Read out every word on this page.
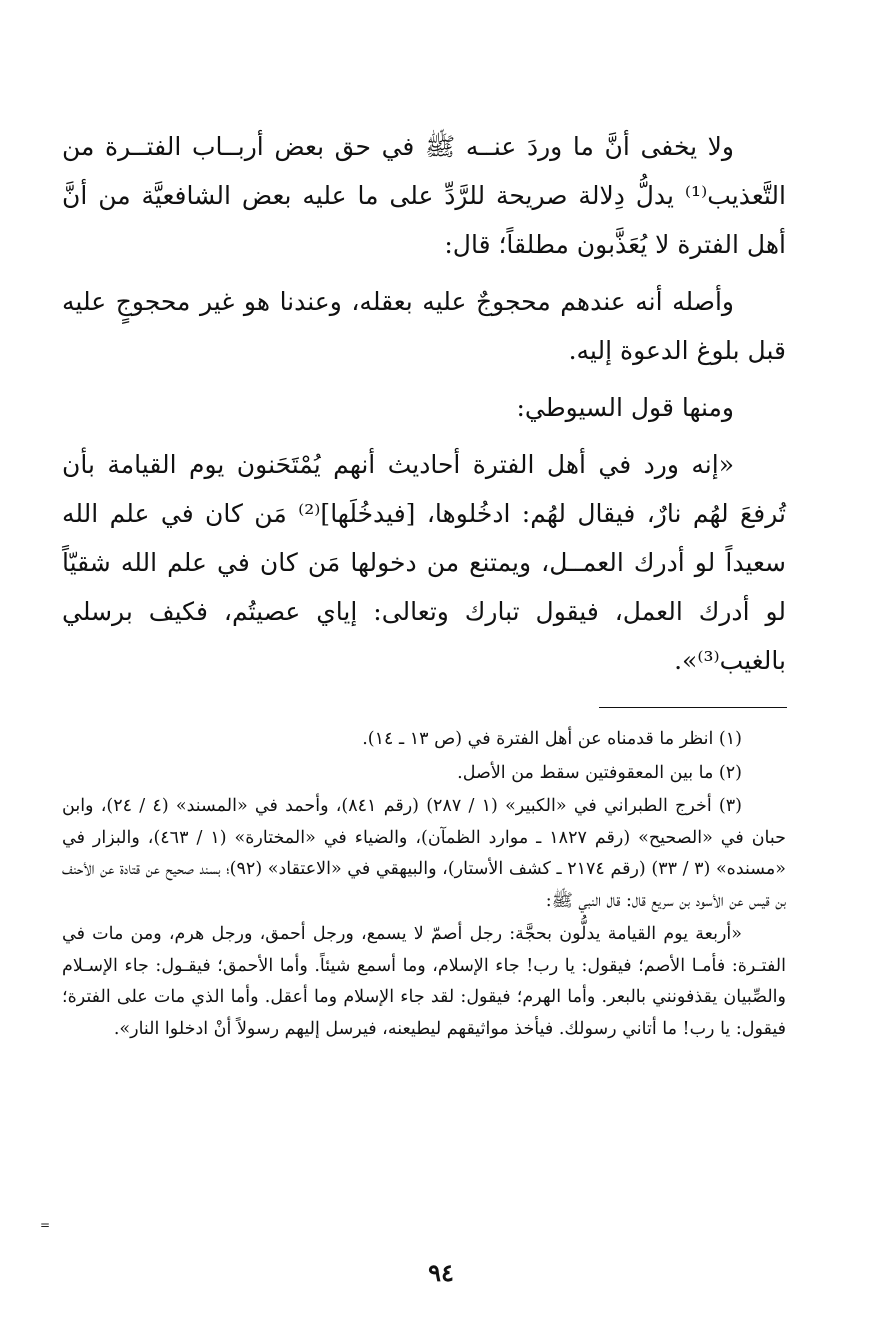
ولا يخفى أنَّ ما وردَ عنــه ﷺ في حق بعض أربــاب الفتــرة من التَّعذيب⁽¹⁾ يدلُّ دِلالة صريحة للرَّدِّ على ما عليه بعض الشافعيَّة من أنَّ أهل الفترة لا يُعَذَّبون مطلقاً؛ قال:

وأصله أنه عندهم محجوجٌ عليه بعقله، وعندنا هو غير محجوجٍ عليه قبل بلوغ الدعوة إليه.

ومنها قول السيوطي:

«إنه ورد في أهل الفترة أحاديث أنهم يُمْتَحَنون يوم القيامة بأن تُرفعَ لهُم نارٌ، فيقال لهُم: ادخُلوها، [فيدخُلَها]⁽²⁾ مَن كان في علم الله سعيداً لو أدرك العمــل، ويمتنع من دخولها مَن كان في علم الله شقيّاً لو أدرك العمل، فيقول تبارك وتعالى: إياي عصيتُم، فكيف برسلي بالغيب⁽³⁾».

(١) انظر ما قدمناه عن أهل الفترة في (ص ١٣ ـ ١٤).

(٢) ما بين المعقوفتين سقط من الأصل.

(٣) أخرج الطبراني في «الكبير» (١ / ٢٨٧) (رقم ٨٤١)، وأحمد في «المسند» (٤ / ٢٤)، وابن حبان في «الصحيح» (رقم ١٨٢٧ ـ موارد الظمآن)، والضياء في «المختارة» (١ / ٤٦٣)، والبزار في «مسنده» (٣ / ٣٣) (رقم ٢١٧٤ ـ كشف الأستار)، والبيهقي في «الاعتقاد» (٩٢)؛ بسند صحيح عن قتادة عن الأحنف بن قيس عن الأسود بن سريع قال: قال النبي ﷺ:

«أربعة يوم القيامة يدلُّون بحجَّة: رجل أصمّ لا يسمع، ورجل أحمق، ورجل هرم، ومن مات في الفتـرة: فأمـا الأصم؛ فيقول: يا رب! جاء الإسلام، وما أسمع شيئاً. وأما الأحمق؛ فيقـول: جاء الإسـلام والصِّبيان يقذفونني بالبعر. وأما الهرم؛ فيقول: لقد جاء الإسلام وما أعقل. وأما الذي مات على الفترة؛ فيقول: يا رب! ما أتاني رسولك. فيأخذ مواثيقهم ليطيعنه، فيرسل إليهم رسولاً أنْ ادخلوا النار».

٩٤
=
